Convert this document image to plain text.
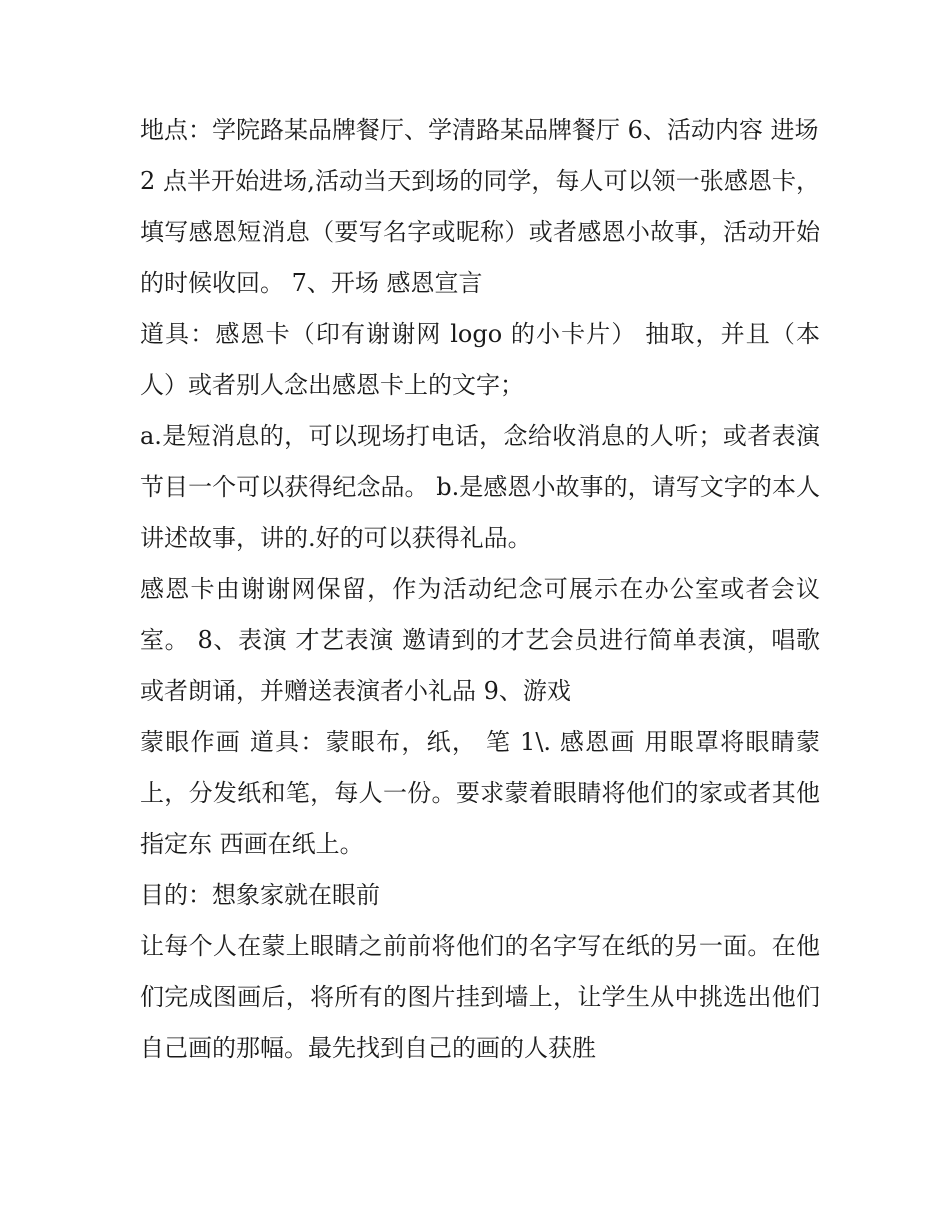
地点：学院路某品牌餐厅、学清路某品牌餐厅 6、活动内容 进场

2 点半开始进场,活动当天到场的同学，每人可以领一张感恩卡，填写感恩短消息（要写名字或昵称）或者感恩小故事，活动开始的时候收回。 7、开场 感恩宣言

道具：感恩卡（印有谢谢网 logo 的小卡片） 抽取，并且（本人）或者别人念出感恩卡上的文字；

a.是短消息的，可以现场打电话，念给收消息的人听；或者表演节目一个可以获得纪念品。 b.是感恩小故事的，请写文字的本人讲述故事，讲的.好的可以获得礼品。

感恩卡由谢谢网保留，作为活动纪念可展示在办公室或者会议室。 8、表演 才艺表演 邀请到的才艺会员进行简单表演，唱歌或者朗诵，并赠送表演者小礼品 9、游戏

蒙眼作画 道具：蒙眼布，纸， 笔 1\. 感恩画 用眼罩将眼睛蒙上，分发纸和笔，每人一份。要求蒙着眼睛将他们的家或者其他指定东 西画在纸上。

目的：想象家就在眼前

让每个人在蒙上眼睛之前前将他们的名字写在纸的另一面。在他们完成图画后，将所有的图片挂到墙上，让学生从中挑选出他们自己画的那幅。最先找到自己的画的人获胜
